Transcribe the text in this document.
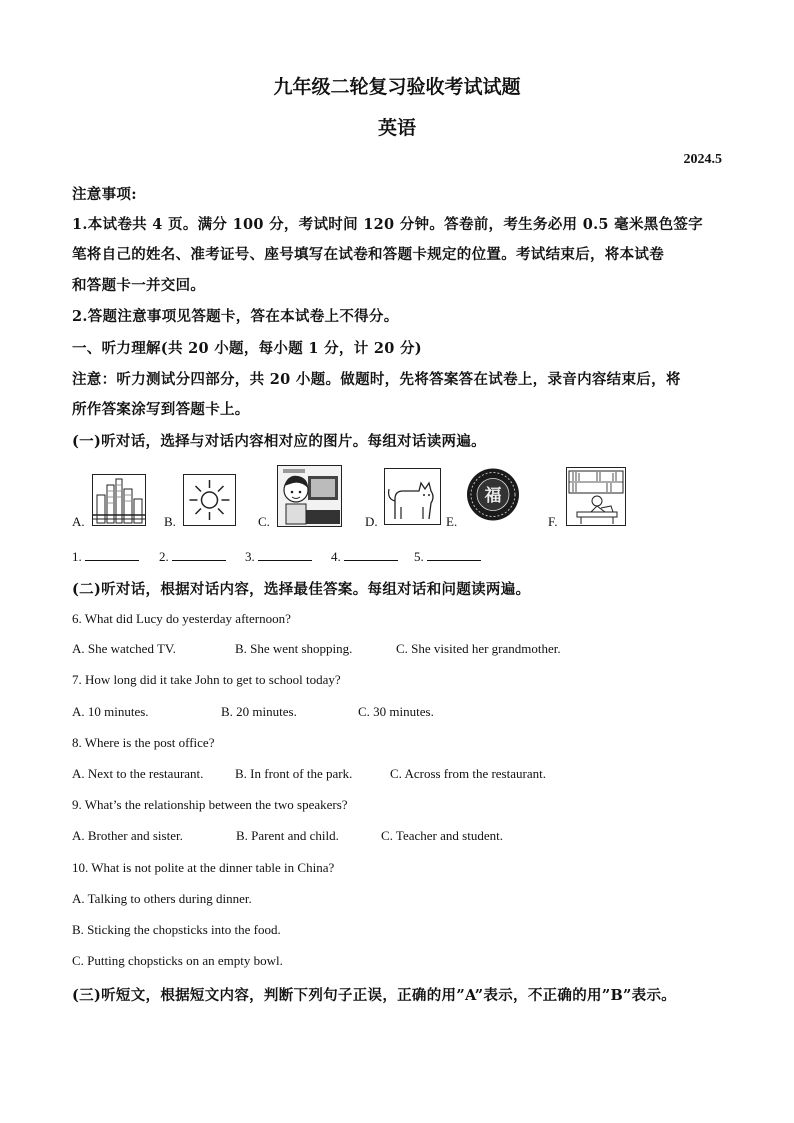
九年级二轮复习验收考试试题
英语
2024.5
注意事项:
1.本试卷共 4 页。满分 100 分，考试时间 120 分钟。答卷前，考生务必用 0.5 毫米黑色签字
笔将自己的姓名、准考证号、座号填写在试卷和答题卡规定的位置。考试结束后，将本试卷
和答题卡一并交回。
2.答题注意事项见答题卡，答在本试卷上不得分。
一、听力理解(共 20 小题，每小题 1 分，计 20 分)
注意：听力测试分四部分，共 20 小题。做题时，先将答案答在试卷上，录音内容结束后，将
所作答案涂写到答题卡上。
(一)听对话，选择与对话内容相对应的图片。每组对话读两遍。
A.	B.	C.	D.	E.
福
F.
1.	2.	3.	4.	5.
(二)听对话，根据对话内容，选择最佳答案。每组对话和问题读两遍。
6. What did Lucy do yesterday afternoon?
A. She watched TV.	B. She went shopping.	C. She visited her grandmother.
7. How long did it take John to get to school today?
A. 10 minutes.	B. 20 minutes.	C. 30 minutes.
8. Where is the post office?
A. Next to the restaurant. B. In front of the park.	C. Across from the restaurant.
9. What’s the relationship between the two speakers?
A. Brother and sister.	B. Parent and child.	C. Teacher and student.
10. What is not polite at the dinner table in China?
A. Talking to others during dinner.
B. Sticking the chopsticks into the food.
C. Putting chopsticks on an empty bowl.
(三)听短文，根据短文内容，判断下列句子正误，正确的用”A”表示，不正确的用”B”表示。
